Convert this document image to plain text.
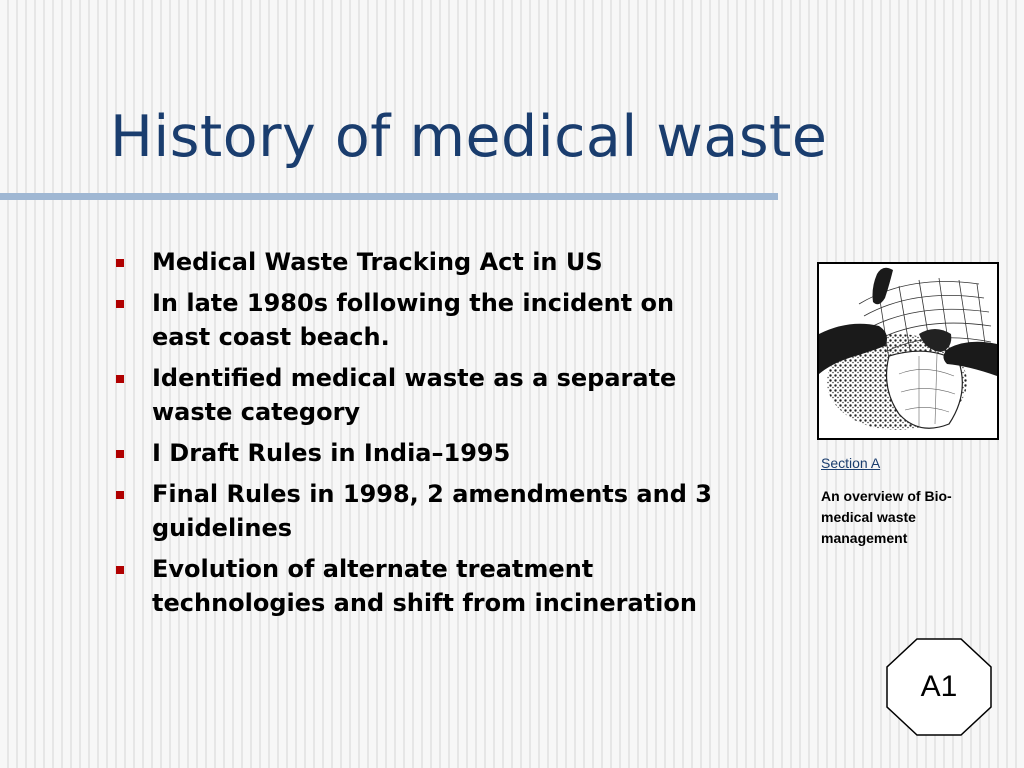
History of medical waste
Medical Waste Tracking Act in US
In late 1980s following the incident on east coast beach.
Identified medical waste as a separate waste category
I Draft Rules in India–1995
Final Rules in 1998, 2 amendments and 3 guidelines
Evolution of alternate treatment technologies and shift from incineration
Section A
An overview of Bio-medical waste management
A1
